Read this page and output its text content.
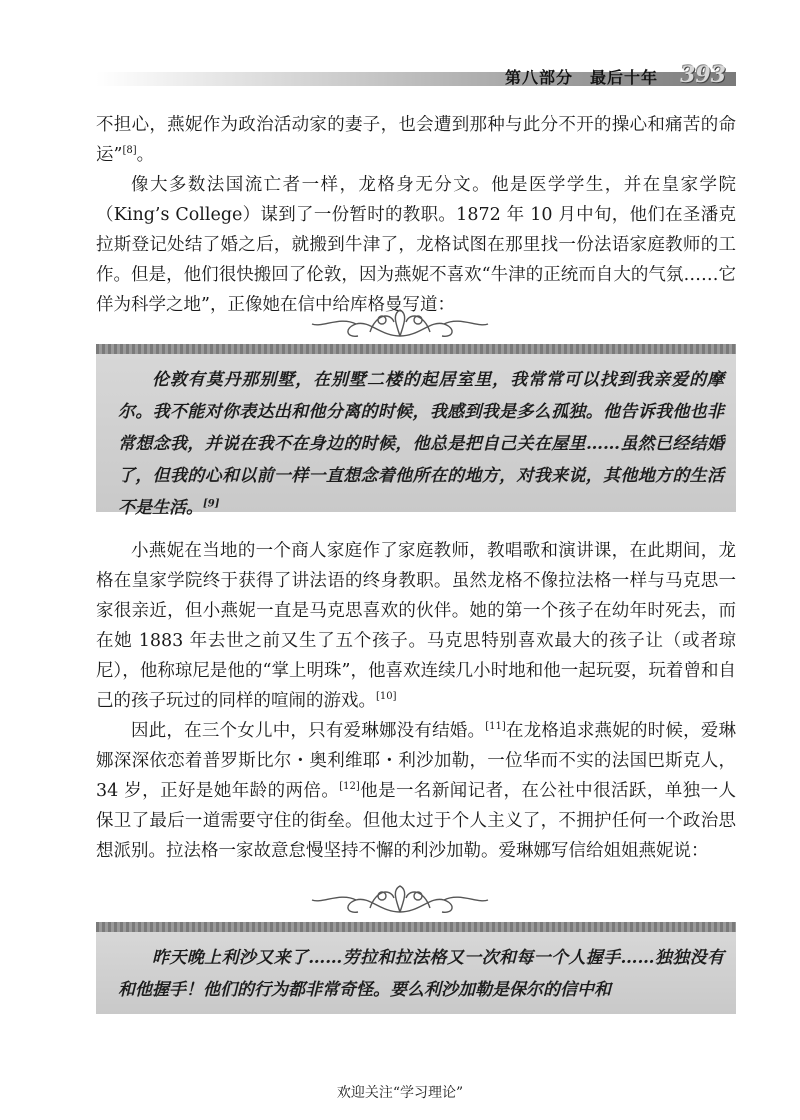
第八部分　最后十年 393

不担心，燕妮作为政治活动家的妻子，也会遭到那种与此分不开的操心和痛苦的命运”[8]。

像大多数法国流亡者一样，龙格身无分文。他是医学学生，并在皇家学院（King’s College）谋到了一份暂时的教职。1872 年 10 月中旬，他们在圣潘克拉斯登记处结了婚之后，就搬到牛津了，龙格试图在那里找一份法语家庭教师的工作。但是，他们很快搬回了伦敦，因为燕妮不喜欢“牛津的正统而自大的气氛……它佯为科学之地”，正像她在信中给库格曼写道：

伦敦有莫丹那别墅，在别墅二楼的起居室里，我常常可以找到我亲爱的摩尔。我不能对你表达出和他分离的时候，我感到我是多么孤独。他告诉我他也非常想念我，并说在我不在身边的时候，他总是把自己关在屋里……虽然已经结婚了，但我的心和以前一样一直想念着他所在的地方，对我来说，其他地方的生活不是生活。[9]

小燕妮在当地的一个商人家庭作了家庭教师，教唱歌和演讲课，在此期间，龙格在皇家学院终于获得了讲法语的终身教职。虽然龙格不像拉法格一样与马克思一家很亲近，但小燕妮一直是马克思喜欢的伙伴。她的第一个孩子在幼年时死去，而在她 1883 年去世之前又生了五个孩子。马克思特别喜欢最大的孩子让（或者琼尼），他称琼尼是他的“掌上明珠”，他喜欢连续几小时地和他一起玩耍，玩着曾和自己的孩子玩过的同样的喧闹的游戏。[10]

因此，在三个女儿中，只有爱琳娜没有结婚。[11]在龙格追求燕妮的时候，爱琳娜深深依恋着普罗斯比尔・奥利维耶・利沙加勒，一位华而不实的法国巴斯克人，34 岁，正好是她年龄的两倍。[12]他是一名新闻记者，在公社中很活跃，单独一人保卫了最后一道需要守住的街垒。但他太过于个人主义了，不拥护任何一个政治思想派别。拉法格一家故意怠慢坚持不懈的利沙加勒。爱琳娜写信给姐姐燕妮说：

昨天晚上利沙又来了……劳拉和拉法格又一次和每一个人握手……独独没有和他握手！他们的行为都非常奇怪。要么利沙加勒是保尔的信中和

欢迎关注“学习理论”
